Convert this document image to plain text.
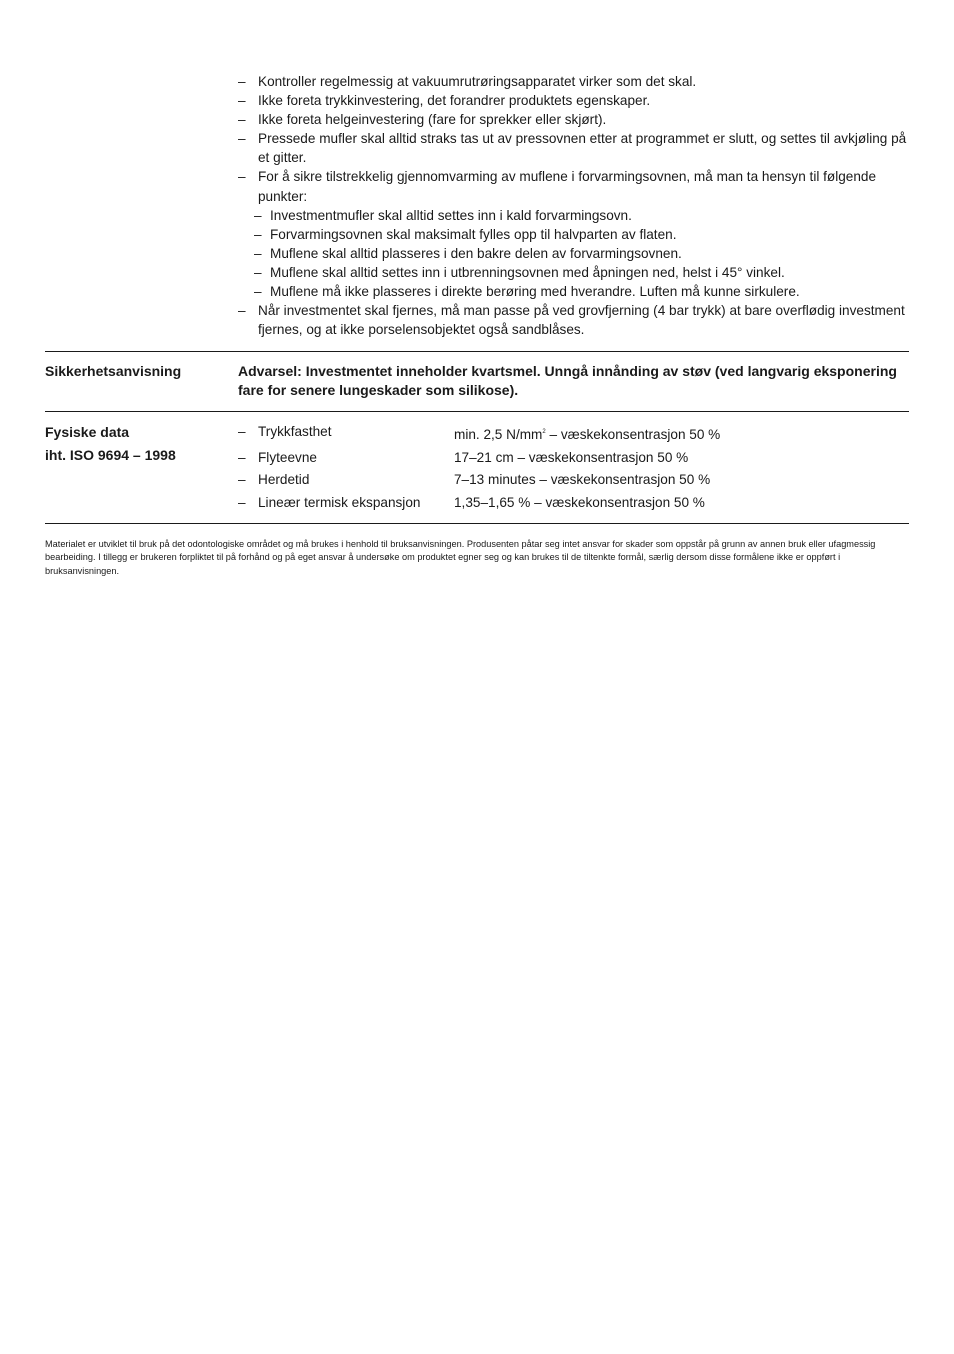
– Kontroller regelmessig at vakuumrutrøringsapparatet virker som det skal.
– Ikke foreta trykkinvestering, det forandrer produktets egenskaper.
– Ikke foreta helgeinvestering (fare for sprekker eller skjørt).
– Pressede mufler skal alltid straks tas ut av pressovnen etter at programmet er slutt, og settes til avkjøling på et gitter.
– For å sikre tilstrekkelig gjennomvarming av muflene i forvarmingsovnen, må man ta hensyn til følgende punkter:
– Investmentmufler skal alltid settes inn i kald forvarmingsovn.
– Forvarmingsovnen skal maksimalt fylles opp til halvparten av flaten.
– Muflene skal alltid plasseres i den bakre delen av forvarmingsovnen.
– Muflene skal alltid settes inn i utbrenningsovnen med åpningen ned, helst i 45° vinkel.
– Muflene må ikke plasseres i direkte berøring med hverandre. Luften må kunne sirkulere.
– Når investmentet skal fjernes, må man passe på ved grovfjerning (4 bar trykk) at bare overflødig investment fjernes, og at ikke porselensobjektet også sandblåses.
Sikkerhetsanvisning	Advarsel: Investmentet inneholder kvartsmel. Unngå innånding av støv (ved langvarig eksponering fare for senere lungeskader som silikose).
Fysiske data
iht. ISO 9694 – 1998
– Trykkfasthet	min. 2,5 $N/mm^2$ – væskekonsentrasjon 50 %
– Flyteevne	17–21 cm – væskekonsentrasjon 50 %
– Herdetid	7–13 minutes – væskekonsentrasjon 50 %
– Lineær termisk ekspansjon	1,35–1,65 % – væskekonsentrasjon 50 %
Materialet er utviklet til bruk på det odontologiske området og må brukes i henhold til bruksanvisningen. Produsenten påtar seg intet ansvar for skader som oppstår på grunn av annen bruk eller ufagmessig bearbeiding. I tillegg er brukeren forpliktet til på forhånd og på eget ansvar å undersøke om produktet egner seg og kan brukes til de tiltenkte formål, særlig dersom disse formålene ikke er oppført i bruksanvisningen.
